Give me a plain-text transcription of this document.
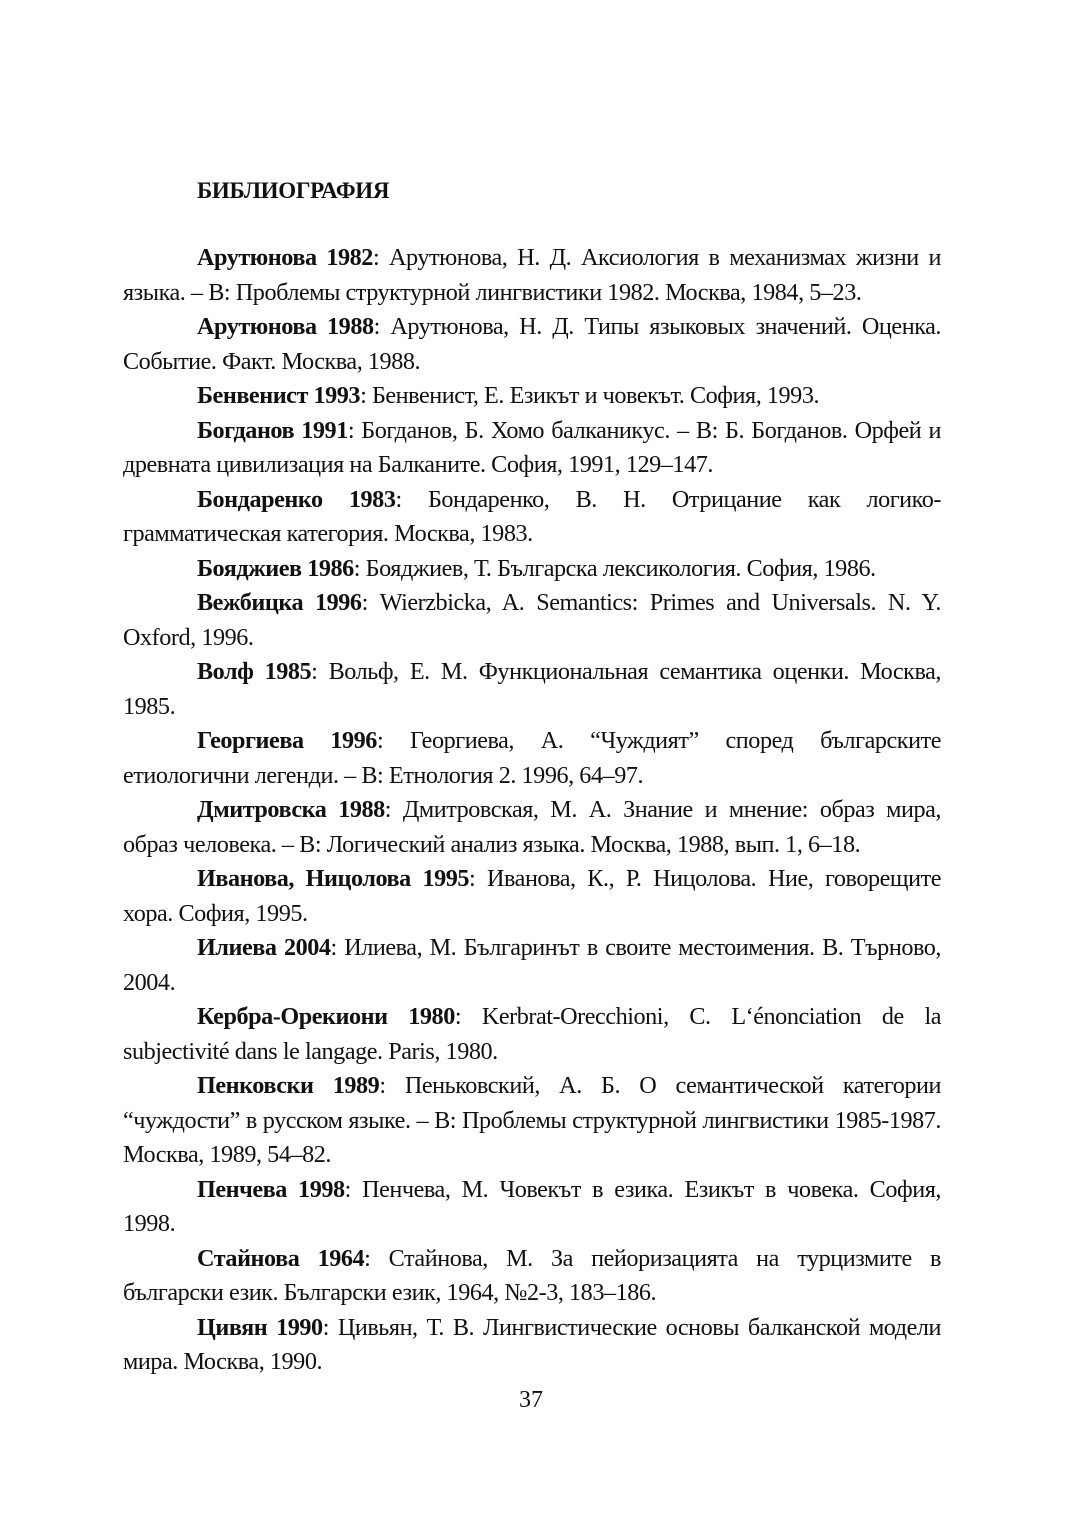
БИБЛИОГРАФИЯ

Арутюнова 1982: Арутюнова, Н. Д. Аксиология в механизмах жизни и языка. – В: Проблемы структурной лингвистики 1982. Москва, 1984, 5–23.

Арутюнова 1988: Арутюнова, Н. Д. Типы языковых значений. Оценка. Событие. Факт. Москва, 1988.

Бенвенист 1993: Бенвенист, Е. Езикът и човекът. София, 1993.

Богданов 1991: Богданов, Б. Хомо балканикус. – В: Б. Богданов. Орфей и древната цивилизация на Балканите. София, 1991, 129–147.

Бондаренко 1983: Бондаренко, В. Н. Отрицание как логико-грамматическая категория. Москва, 1983.

Бояджиев 1986: Бояджиев, Т. Българска лексикология. София, 1986.

Вежбицка 1996: Wierzbicka, A. Semantics: Primes and Universals. N. Y. Oxford, 1996.

Волф 1985: Вольф, Е. М. Функциональная семантика оценки. Москва, 1985.

Георгиева 1996: Георгиева, А. “Чуждият” според българските етиологични легенди. – В: Етнология 2. 1996, 64–97.

Дмитровска 1988: Дмитровская, М. А. Знание и мнение: образ мира, образ человека. – В: Логический анализ языка. Москва, 1988, вып. 1, 6–18.

Иванова, Ницолова 1995: Иванова, К., Р. Ницолова. Ние, говорещите хора. София, 1995.

Илиева 2004: Илиева, М. Българинът в своите местоимения. В. Търново, 2004.

Кербра-Орекиони 1980: Kerbrat-Orecchioni, C. L‘énonciation de la subjectivité dans le langage. Paris, 1980.

Пенковски 1989: Пеньковский, А. Б. О семантической категории “чуждости” в русском языке. – В: Проблемы структурной лингвистики 1985-1987. Москва, 1989, 54–82.

Пенчева 1998: Пенчева, М. Човекът в езика. Езикът в човека. София, 1998.

Стайнова 1964: Стайнова, М. За пейоризацията на турцизмите в български език. Български език, 1964, №2-3, 183–186.

Цивян 1990: Цивьян, Т. В. Лингвистические основы балканской модели мира. Москва, 1990.

37
